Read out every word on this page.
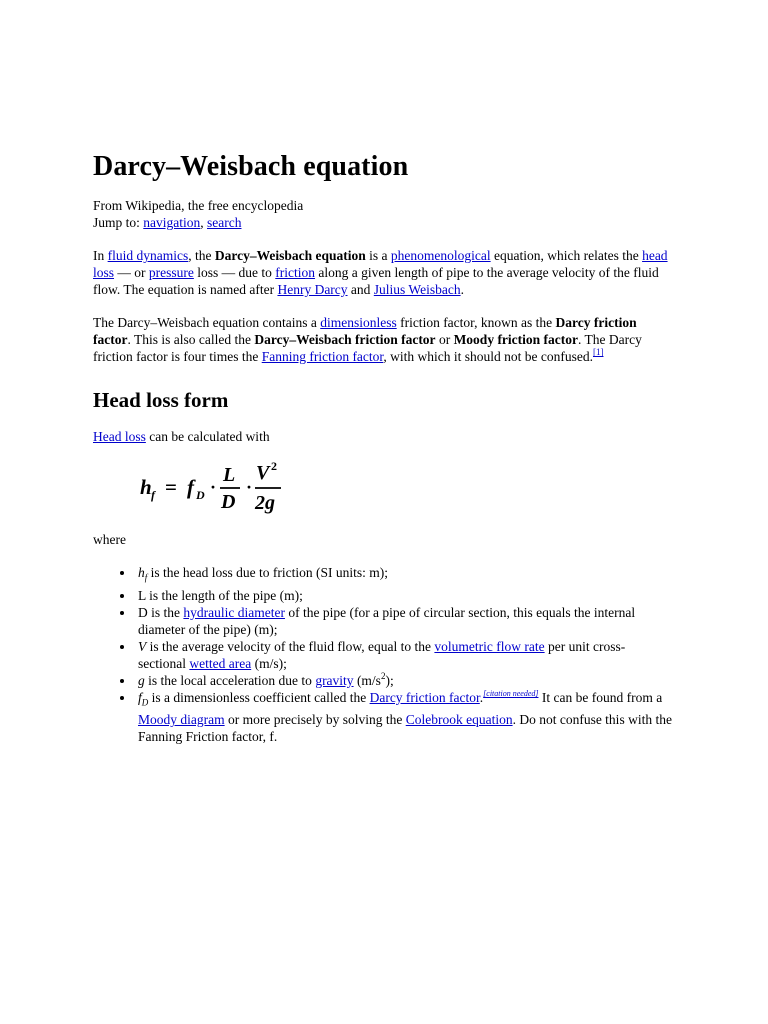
Darcy–Weisbach equation
From Wikipedia, the free encyclopedia
Jump to: navigation, search

In fluid dynamics, the Darcy–Weisbach equation is a phenomenological equation, which relates the head loss — or pressure loss — due to friction along a given length of pipe to the average velocity of the fluid flow. The equation is named after Henry Darcy and Julius Weisbach.

The Darcy–Weisbach equation contains a dimensionless friction factor, known as the Darcy friction factor. This is also called the Darcy–Weisbach friction factor or Moody friction factor. The Darcy friction factor is four times the Fanning friction factor, with which it should not be confused.[1]

Head loss form

Head loss can be calculated with

h f = f D ·
L
D
·
V 2
2g
where
$h_f$ is the head loss due to friction (SI units: m);
L is the length of the pipe (m);
D is the hydraulic diameter of the pipe (for a pipe of circular section, this equals the internal diameter of the pipe) (m);
V is the average velocity of the fluid flow, equal to the volumetric flow rate per unit cross-sectional wetted area (m/s);
g is the local acceleration due to gravity $(m/s^2)$;
$f_D$ is a dimensionless coefficient called the Darcy friction factor.[citation needed] It can be found from a Moody diagram or more precisely by solving the Colebrook equation. Do not confuse this with the Fanning Friction factor, f.
